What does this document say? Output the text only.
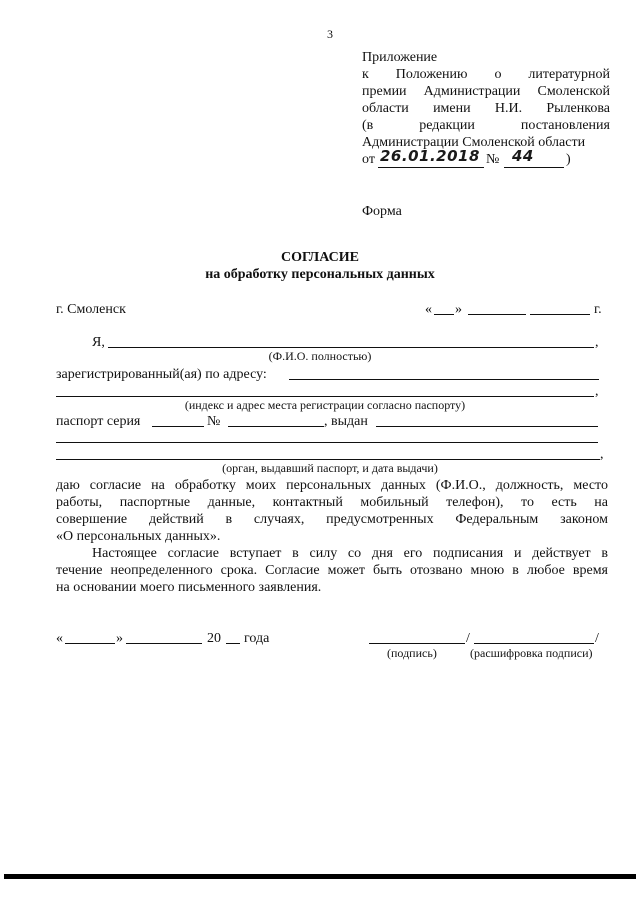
3
Приложение
к Положению о литературной
премии Администрации Смоленской
области имени Н.И. Рыленкова
(в редакции постановления
Администрации Смоленской области
от 26.01.2018 № 44 )
Форма
СОГЛАСИЕ
на обработку персональных данных
г. Смоленск	« »	г.
Я,	,
(Ф.И.О. полностью)
зарегистрированный(ая) по адресу:
,
(индекс и адрес места регистрации согласно паспорту)
паспорт серия	№	, выдан
,
(орган, выдавший паспорт, и дата выдачи)
даю согласие на обработку моих персональных данных (Ф.И.О., должность, место
работы, паспортные данные, контактный мобильный телефон), то есть на
совершение действий в случаях, предусмотренных Федеральным законом
«О персональных данных».
Настоящее согласие вступает в силу со дня его подписания и действует в
течение неопределенного срока. Согласие может быть отозвано мною в любое время
на основании моего письменного заявления.
«	»	20 года	/	/
(подпись)	(расшифровка подписи)
